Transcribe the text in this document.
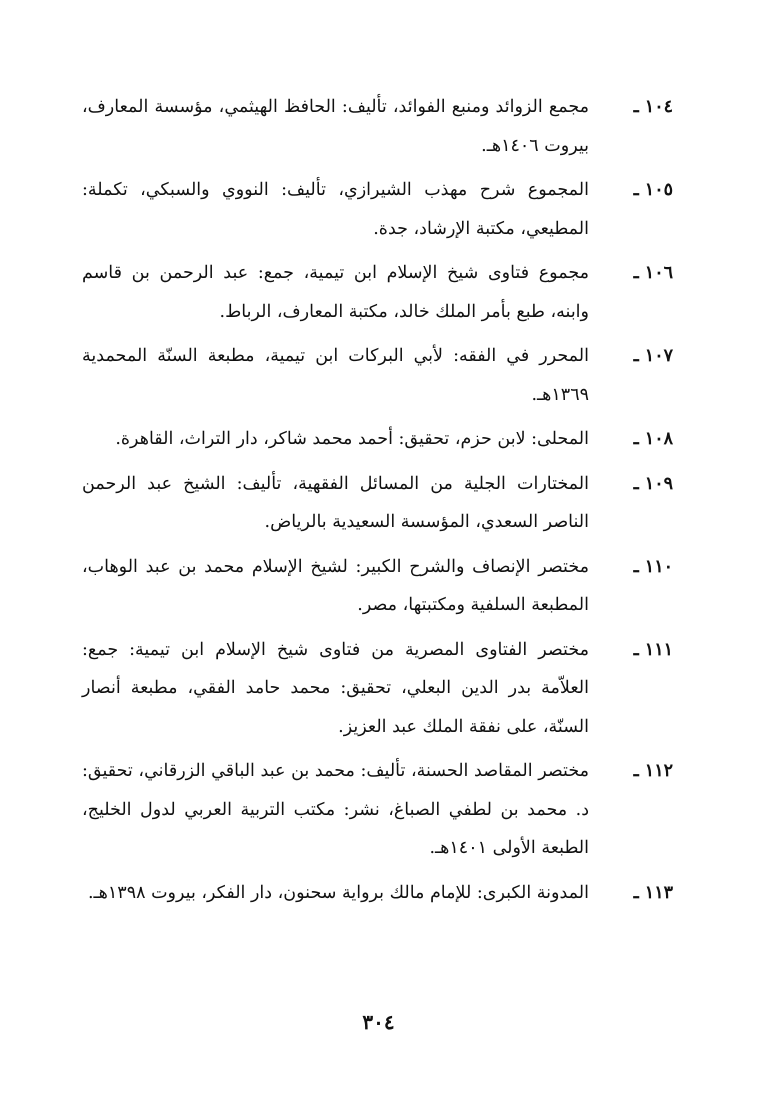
١٠٤ ـ
مجمع الزوائد ومنبع الفوائد، تأليف: الحافظ الهيثمي، مؤسسة المعارف، بيروت ١٤٠٦هـ.
١٠٥ ـ
المجموع شرح مهذب الشيرازي، تأليف: النووي والسبكي، تكملة: المطيعي، مكتبة الإرشاد، جدة.
١٠٦ ـ
مجموع فتاوى شيخ الإسلام ابن تيمية، جمع: عبد الرحمن بن قاسم وابنه، طبع بأمر الملك خالد، مكتبة المعارف، الرباط.
١٠٧ ـ
المحرر في الفقه: لأبي البركات ابن تيمية، مطبعة السنّة المحمدية ١٣٦٩هـ.
١٠٨ ـ
المحلى: لابن حزم، تحقيق: أحمد محمد شاكر، دار التراث، القاهرة.
١٠٩ ـ
المختارات الجلية من المسائل الفقهية، تأليف: الشيخ عبد الرحمن الناصر السعدي، المؤسسة السعيدية بالرياض.
١١٠ ـ
مختصر الإنصاف والشرح الكبير: لشيخ الإسلام محمد بن عبد الوهاب، المطبعة السلفية ومكتبتها، مصر.
١١١ ـ
مختصر الفتاوى المصرية من فتاوى شيخ الإسلام ابن تيمية: جمع: العلاّمة بدر الدين البعلي، تحقيق: محمد حامد الفقي، مطبعة أنصار السنّة، على نفقة الملك عبد العزيز.
١١٢ ـ
مختصر المقاصد الحسنة، تأليف: محمد بن عبد الباقي الزرقاني، تحقيق: د. محمد بن لطفي الصباغ، نشر: مكتب التربية العربي لدول الخليج، الطبعة الأولى ١٤٠١هـ.
١١٣ ـ
المدونة الكبرى: للإمام مالك برواية سحنون، دار الفكر، بيروت ١٣٩٨هـ.
٣٠٤
